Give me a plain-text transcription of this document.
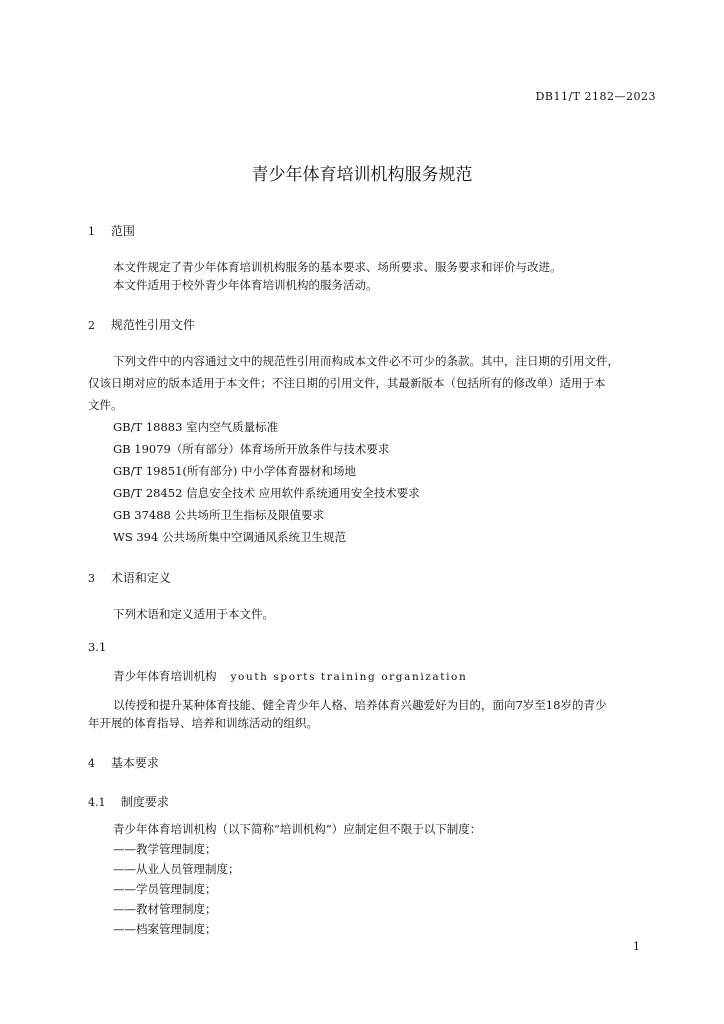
DB11/T 2182—2023
青少年体育培训机构服务规范
1 范围
本文件规定了青少年体育培训机构服务的基本要求、场所要求、服务要求和评价与改进。
本文件适用于校外青少年体育培训机构的服务活动。
2 规范性引用文件
下列文件中的内容通过文中的规范性引用而构成本文件必不可少的条款。其中，注日期的引用文件，
仅该日期对应的版本适用于本文件；不注日期的引用文件，其最新版本（包括所有的修改单）适用于本
文件。
GB/T 18883 室内空气质量标准
GB 19079（所有部分）体育场所开放条件与技术要求
GB/T 19851(所有部分) 中小学体育器材和场地
GB/T 28452 信息安全技术 应用软件系统通用安全技术要求
GB 37488 公共场所卫生指标及限值要求
WS 394 公共场所集中空调通风系统卫生规范
3 术语和定义
下列术语和定义适用于本文件。
3.1
青少年体育培训机构 youth sports training organization
以传授和提升某种体育技能、健全青少年人格、培养体育兴趣爱好为目的，面向7岁至18岁的青少
年开展的体育指导、培养和训练活动的组织。
4 基本要求
4.1 制度要求
青少年体育培训机构（以下简称“培训机构”）应制定但不限于以下制度：
——教学管理制度；
——从业人员管理制度；
——学员管理制度；
——教材管理制度；
——档案管理制度；
1
